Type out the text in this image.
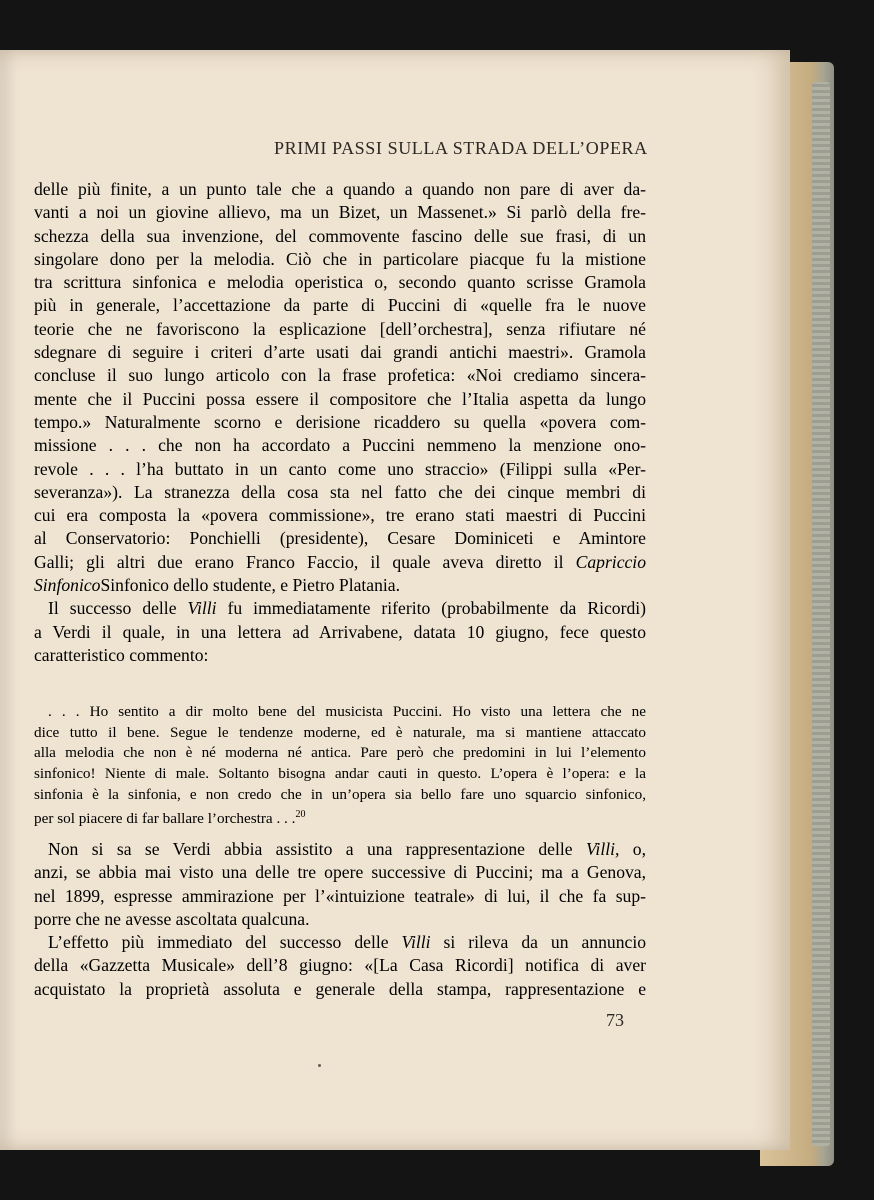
PRIMI PASSI SULLA STRADA DELL’OPERA
delle più finite, a un punto tale che a quando a quando non pare di aver da-
vanti a noi un giovine allievo, ma un Bizet, un Massenet.» Si parlò della fre-
schezza della sua invenzione, del commovente fascino delle sue frasi, di un
singolare dono per la melodia. Ciò che in particolare piacque fu la mistione
tra scrittura sinfonica e melodia operistica o, secondo quanto scrisse Gramola
più in generale, l’accettazione da parte di Puccini di «quelle fra le nuove
teorie che ne favoriscono la esplicazione [dell’orchestra], senza rifiutare né
sdegnare di seguire i criteri d’arte usati dai grandi antichi maestri». Gramola
concluse il suo lungo articolo con la frase profetica: «Noi crediamo sincera-
mente che il Puccini possa essere il compositore che l’Italia aspetta da lungo
tempo.» Naturalmente scorno e derisione ricaddero su quella «povera com-
missione . . . che non ha accordato a Puccini nemmeno la menzione ono-
revole . . . l’ha buttato in un canto come uno straccio» (Filippi sulla «Per-
severanza»). La stranezza della cosa sta nel fatto che dei cinque membri di
cui era composta la «povera commissione», tre erano stati maestri di Puccini
al Conservatorio: Ponchielli (presidente), Cesare Dominiceti e Amintore
Galli; gli altri due erano Franco Faccio, il quale aveva diretto il Capriccio
SinfonicoSinfonico dello studente, e Pietro Platania.
Il successo delle Villi fu immediatamente riferito (probabilmente da Ricordi)
a Verdi il quale, in una lettera ad Arrivabene, datata 10 giugno, fece questo
caratteristico commento:
. . . Ho sentito a dir molto bene del musicista Puccini. Ho visto una lettera che ne
dice tutto il bene. Segue le tendenze moderne, ed è naturale, ma si mantiene attaccato
alla melodia che non è né moderna né antica. Pare però che predomini in lui l’elemento
sinfonico! Niente di male. Soltanto bisogna andar cauti in questo. L’opera è l’opera: e la
sinfonia è la sinfonia, e non credo che in un’opera sia bello fare uno squarcio sinfonico,
per sol piacere di far ballare l’orchestra . . .$^{20}$
Non si sa se Verdi abbia assistito a una rappresentazione delle Villi, o,
anzi, se abbia mai visto una delle tre opere successive di Puccini; ma a Genova,
nel 1899, espresse ammirazione per l’«intuizione teatrale» di lui, il che fa sup-
porre che ne avesse ascoltata qualcuna.
L’effetto più immediato del successo delle Villi si rileva da un annuncio
della «Gazzetta Musicale» dell’8 giugno: «[La Casa Ricordi] notifica di aver
acquistato la proprietà assoluta e generale della stampa, rappresentazione e
73
